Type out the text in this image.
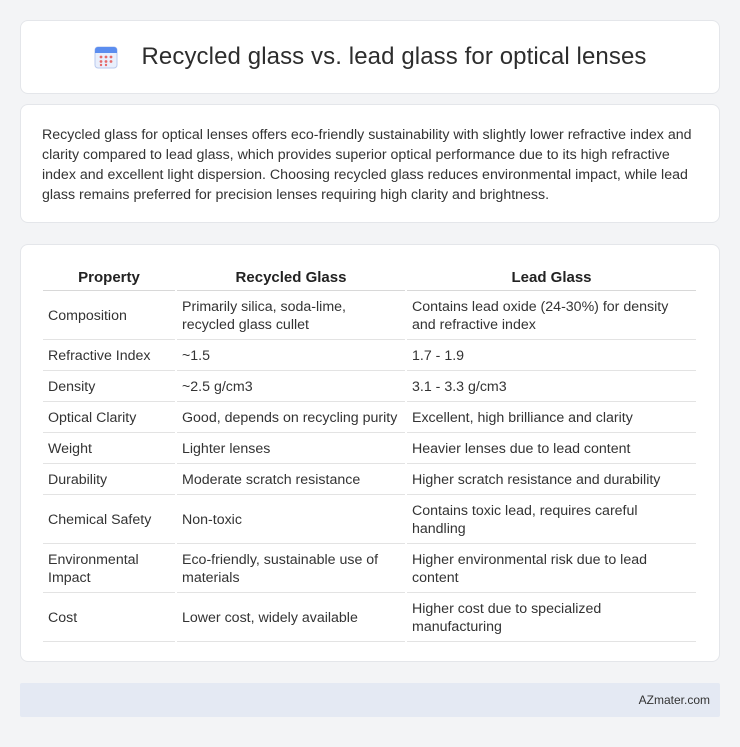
Recycled glass vs. lead glass for optical lenses

Recycled glass for optical lenses offers eco-friendly sustainability with slightly lower refractive index and clarity compared to lead glass, which provides superior optical performance due to its high refractive index and excellent light dispersion. Choosing recycled glass reduces environmental impact, while lead glass remains preferred for precision lenses requiring high clarity and brightness.

Property	Recycled Glass	Lead Glass
Composition	Primarily silica, soda-lime, recycled glass cullet	Contains lead oxide (24-30%) for density and refractive index
Refractive Index	~1.5	1.7 - 1.9
Density	~2.5 g/cm3	3.1 - 3.3 g/cm3
Optical Clarity	Good, depends on recycling purity	Excellent, high brilliance and clarity
Weight	Lighter lenses	Heavier lenses due to lead content
Durability	Moderate scratch resistance	Higher scratch resistance and durability
Chemical Safety	Non-toxic	Contains toxic lead, requires careful handling
Environmental Impact	Eco-friendly, sustainable use of materials	Higher environmental risk due to lead content
Cost	Lower cost, widely available	Higher cost due to specialized manufacturing
AZmater.com
